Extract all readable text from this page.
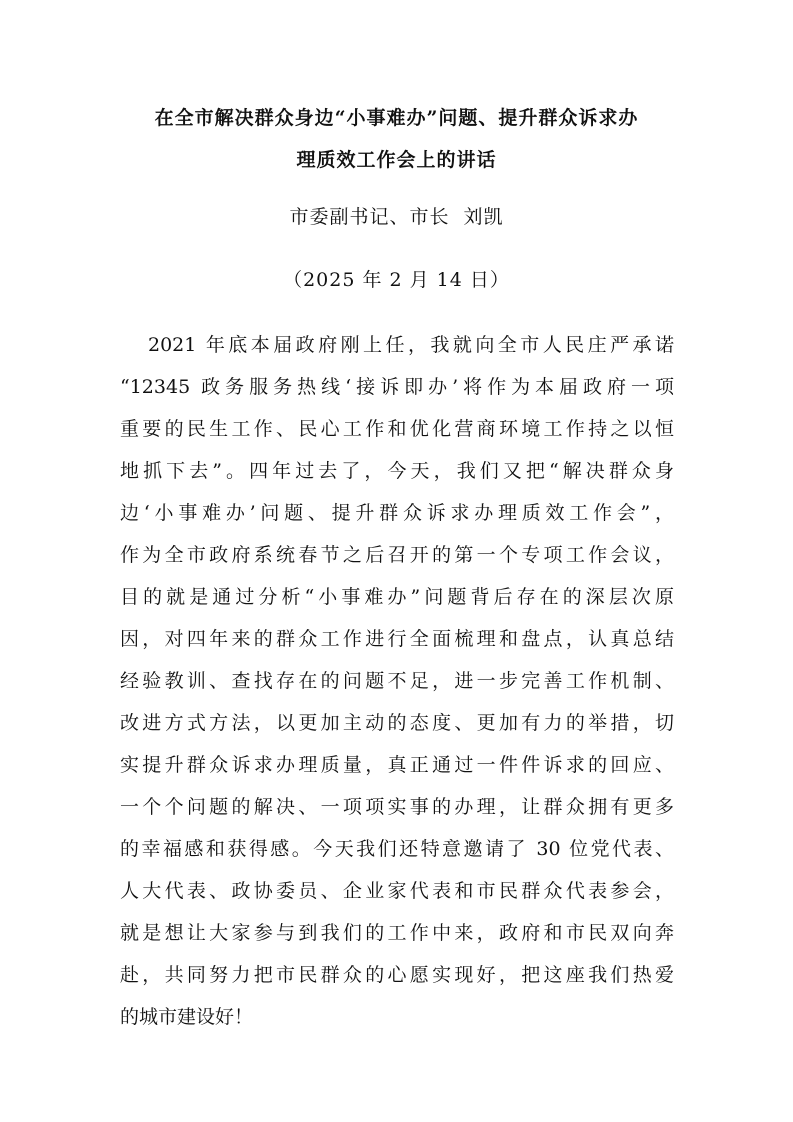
在全市解决群众身边“小事难办”问题、提升群众诉求办
理质效工作会上的讲话
市委副书记、市长  刘凯
（2025 年 2 月 14 日）
2021 年底本届政府刚上任，我就向全市人民庄严承诺
“12345 政务服务热线‘接诉即办’将作为本届政府一项
重要的民生工作、民心工作和优化营商环境工作持之以恒
地抓下去”。四年过去了，今天，我们又把“解决群众身
边‘小事难办’问题、提升群众诉求办理质效工作会”，
作为全市政府系统春节之后召开的第一个专项工作会议，
目的就是通过分析“小事难办”问题背后存在的深层次原
因，对四年来的群众工作进行全面梳理和盘点，认真总结
经验教训、查找存在的问题不足，进一步完善工作机制、
改进方式方法，以更加主动的态度、更加有力的举措，切
实提升群众诉求办理质量，真正通过一件件诉求的回应、
一个个问题的解决、一项项实事的办理，让群众拥有更多
的幸福感和获得感。今天我们还特意邀请了 30 位党代表、
人大代表、政协委员、企业家代表和市民群众代表参会，
就是想让大家参与到我们的工作中来，政府和市民双向奔
赴，共同努力把市民群众的心愿实现好，把这座我们热爱
的城市建设好！
